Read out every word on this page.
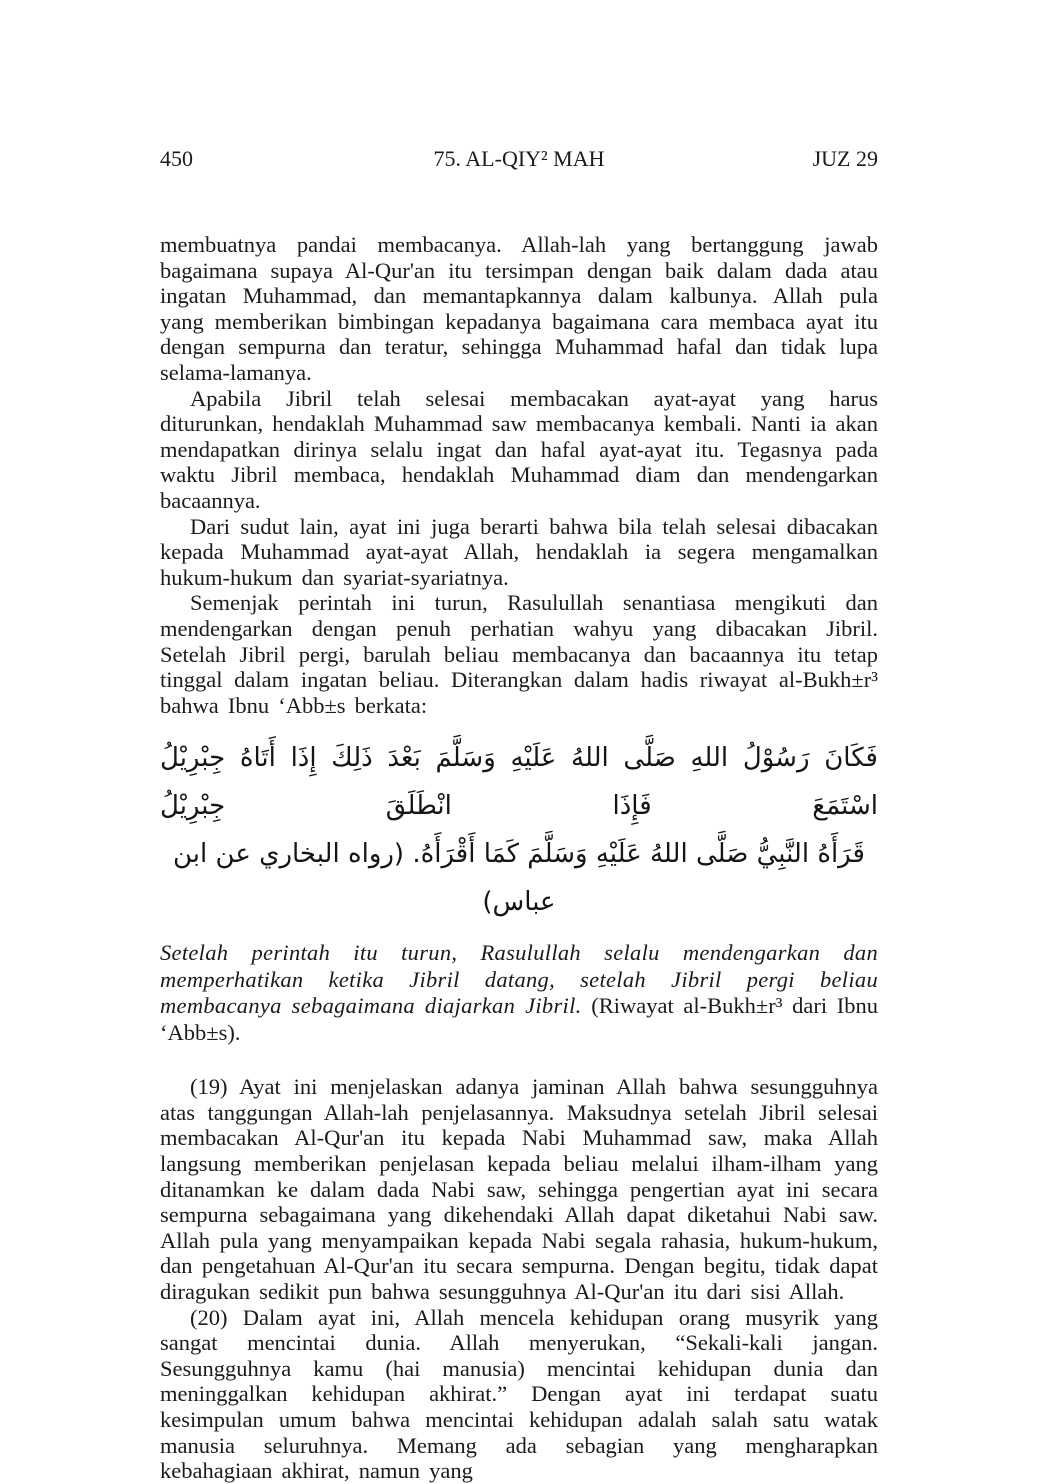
450	75. AL-QIY² MAH	JUZ 29

membuatnya pandai membacanya. Allah-lah yang bertanggung jawab bagaimana supaya Al-Qur'an itu tersimpan dengan baik dalam dada atau ingatan Muhammad, dan memantapkannya dalam kalbunya. Allah pula yang memberikan bimbingan kepadanya bagaimana cara membaca ayat itu dengan sempurna dan teratur, sehingga Muhammad hafal dan tidak lupa selama-lamanya.

Apabila Jibril telah selesai membacakan ayat-ayat yang harus diturunkan, hendaklah Muhammad saw membacanya kembali. Nanti ia akan mendapatkan dirinya selalu ingat dan hafal ayat-ayat itu. Tegasnya pada waktu Jibril membaca, hendaklah Muhammad diam dan mendengarkan bacaannya.

Dari sudut lain, ayat ini juga berarti bahwa bila telah selesai dibacakan kepada Muhammad ayat-ayat Allah, hendaklah ia segera mengamalkan hukum-hukum dan syariat-syariatnya.

Semenjak perintah ini turun, Rasulullah senantiasa mengikuti dan mendengarkan dengan penuh perhatian wahyu yang dibacakan Jibril. Setelah Jibril pergi, barulah beliau membacanya dan bacaannya itu tetap tinggal dalam ingatan beliau. Diterangkan dalam hadis riwayat al-Bukh±r³ bahwa Ibnu ‘Abb±s berkata:

فَكَانَ رَسُوْلُ اللهِ صَلَّى اللهُ عَلَيْهِ وَسَلَّمَ بَعْدَ ذَلِكَ إِذَا أَتَاهُ جِبْرِيْلُ اسْتَمَعَ فَإِذَا انْطَلَقَ جِبْرِيْلُ
قَرَأَهُ النَّبِيُّ صَلَّى اللهُ عَلَيْهِ وَسَلَّمَ كَمَا أَقْرَأَهُ. (رواه البخاري عن ابن عباس)

Setelah perintah itu turun, Rasulullah selalu mendengarkan dan memperhatikan ketika Jibril datang, setelah Jibril pergi beliau membacanya sebagaimana diajarkan Jibril. (Riwayat al-Bukh±r³ dari Ibnu ‘Abb±s).

(19) Ayat ini menjelaskan adanya jaminan Allah bahwa sesungguhnya atas tanggungan Allah-lah penjelasannya. Maksudnya setelah Jibril selesai membacakan Al-Qur'an itu kepada Nabi Muhammad saw, maka Allah langsung memberikan penjelasan kepada beliau melalui ilham-ilham yang ditanamkan ke dalam dada Nabi saw, sehingga pengertian ayat ini secara sempurna sebagaimana yang dikehendaki Allah dapat diketahui Nabi saw. Allah pula yang menyampaikan kepada Nabi segala rahasia, hukum-hukum, dan pengetahuan Al-Qur'an itu secara sempurna. Dengan begitu, tidak dapat diragukan sedikit pun bahwa sesungguhnya Al-Qur'an itu dari sisi Allah.

(20) Dalam ayat ini, Allah mencela kehidupan orang musyrik yang sangat mencintai dunia. Allah menyerukan, “Sekali-kali jangan. Sesungguhnya kamu (hai manusia) mencintai kehidupan dunia dan meninggalkan kehidupan akhirat.” Dengan ayat ini terdapat suatu kesimpulan umum bahwa mencintai kehidupan adalah salah satu watak manusia seluruhnya. Memang ada sebagian yang mengharapkan kebahagiaan akhirat, namun yang
